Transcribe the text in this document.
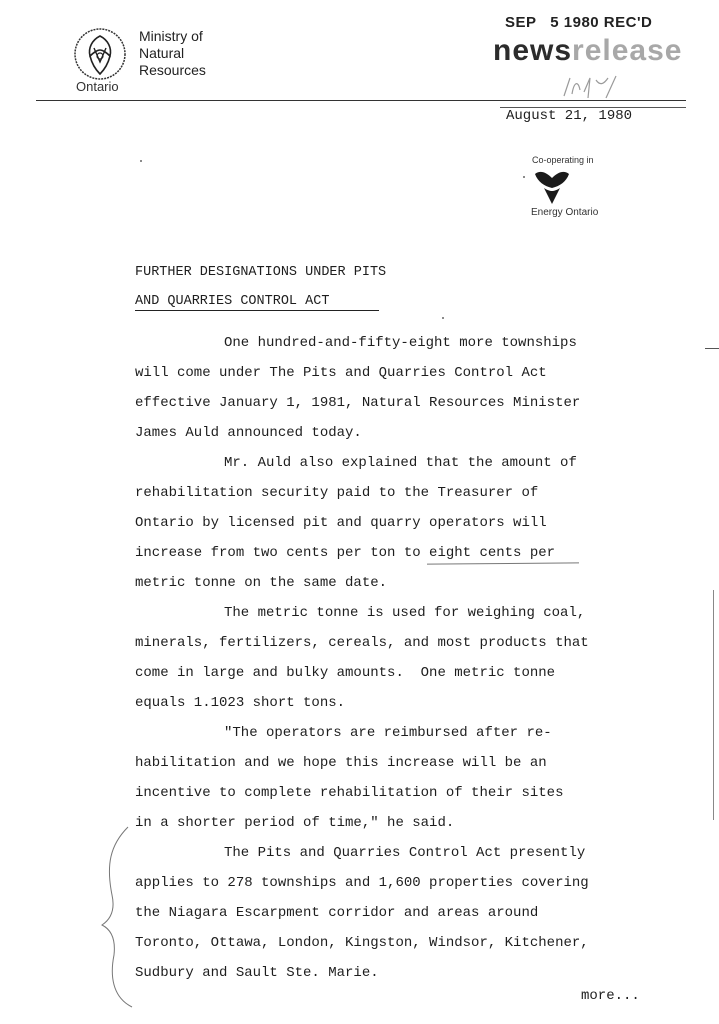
Ontario
Ministry of
Natural
Resources
SEP   5 1980 REC'D
newsrelease
August 21, 1980
Co-operating in
Energy Ontario
FURTHER DESIGNATIONS UNDER PITS
AND QUARRIES CONTROL ACT

One hundred-and-fifty-eight more townships
will come under The Pits and Quarries Control Act
effective January 1, 1981, Natural Resources Minister
James Auld announced today.

Mr. Auld also explained that the amount of
rehabilitation security paid to the Treasurer of
Ontario by licensed pit and quarry operators will
increase from two cents per ton to eight cents per
metric tonne on the same date.

The metric tonne is used for weighing coal,
minerals, fertilizers, cereals, and most products that
come in large and bulky amounts.  One metric tonne
equals 1.1023 short tons.

"The operators are reimbursed after re-
habilitation and we hope this increase will be an
incentive to complete rehabilitation of their sites
in a shorter period of time," he said.

The Pits and Quarries Control Act presently
applies to 278 townships and 1,600 properties covering
the Niagara Escarpment corridor and areas around
Toronto, Ottawa, London, Kingston, Windsor, Kitchener,
Sudbury and Sault Ste. Marie.

more...
